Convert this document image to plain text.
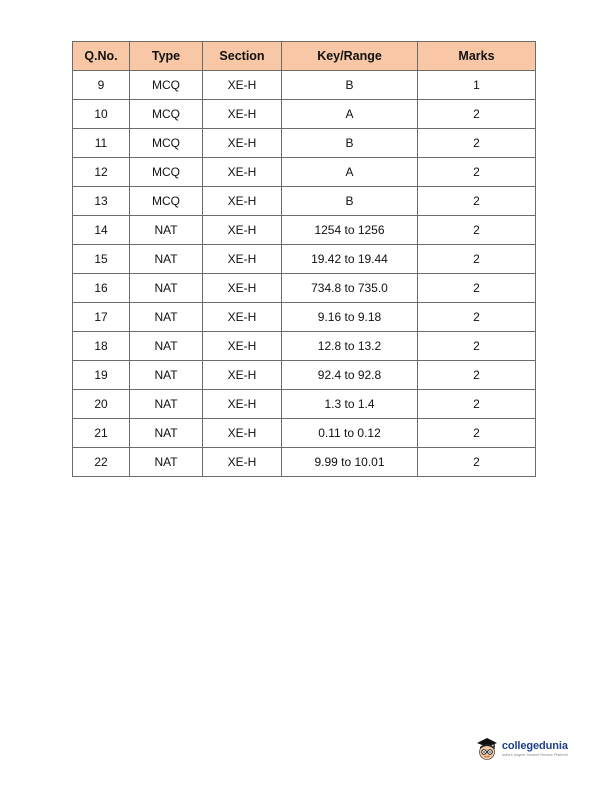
Q.No.	Type	Section	Key/Range	Marks
9	MCQ	XE-H	B	1
10	MCQ	XE-H	A	2
11	MCQ	XE-H	B	2
12	MCQ	XE-H	A	2
13	MCQ	XE-H	B	2
14	NAT	XE-H	1254 to 1256	2
15	NAT	XE-H	19.42 to 19.44	2
16	NAT	XE-H	734.8 to 735.0	2
17	NAT	XE-H	9.16 to 9.18	2
18	NAT	XE-H	12.8 to 13.2	2
19	NAT	XE-H	92.4 to 92.8	2
20	NAT	XE-H	1.3 to 1.4	2
21	NAT	XE-H	0.11 to 0.12	2
22	NAT	XE-H	9.99 to 10.01	2
collegedunia
India's largest Student Review Platform
